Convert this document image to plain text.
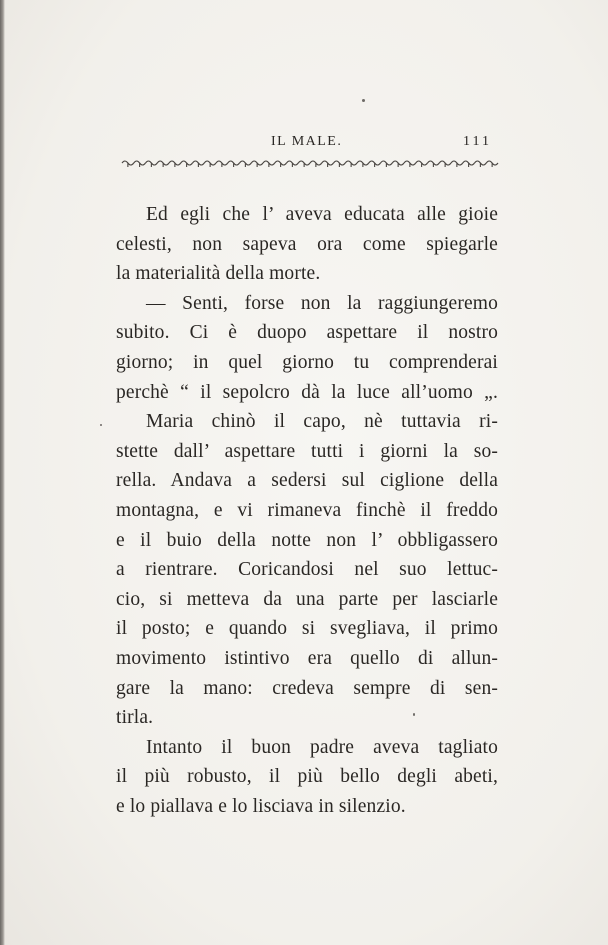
IL MALE.	111
Ed egli che l’ aveva educata alle gioie
celesti, non sapeva ora come spiegarle
la materialità della morte.
— Senti, forse non la raggiungeremo
subito. Ci è duopo aspettare il nostro
giorno; in quel giorno tu comprenderai
perchè “ il sepolcro dà la luce all’uomo „.
Maria chinò il capo, nè tuttavia ri-
stette dall’ aspettare tutti i giorni la so-
rella. Andava a sedersi sul ciglione della
montagna, e vi rimaneva finchè il freddo
e il buio della notte non l’ obbligassero
a rientrare. Coricandosi nel suo lettuc-
cio, si metteva da una parte per lasciarle
il posto; e quando si svegliava, il primo
movimento istintivo era quello di allun-
gare la mano: credeva sempre di sen-
tirla.
Intanto il buon padre aveva tagliato
il più robusto, il più bello degli abeti,
e lo piallava e lo lisciava in silenzio.
